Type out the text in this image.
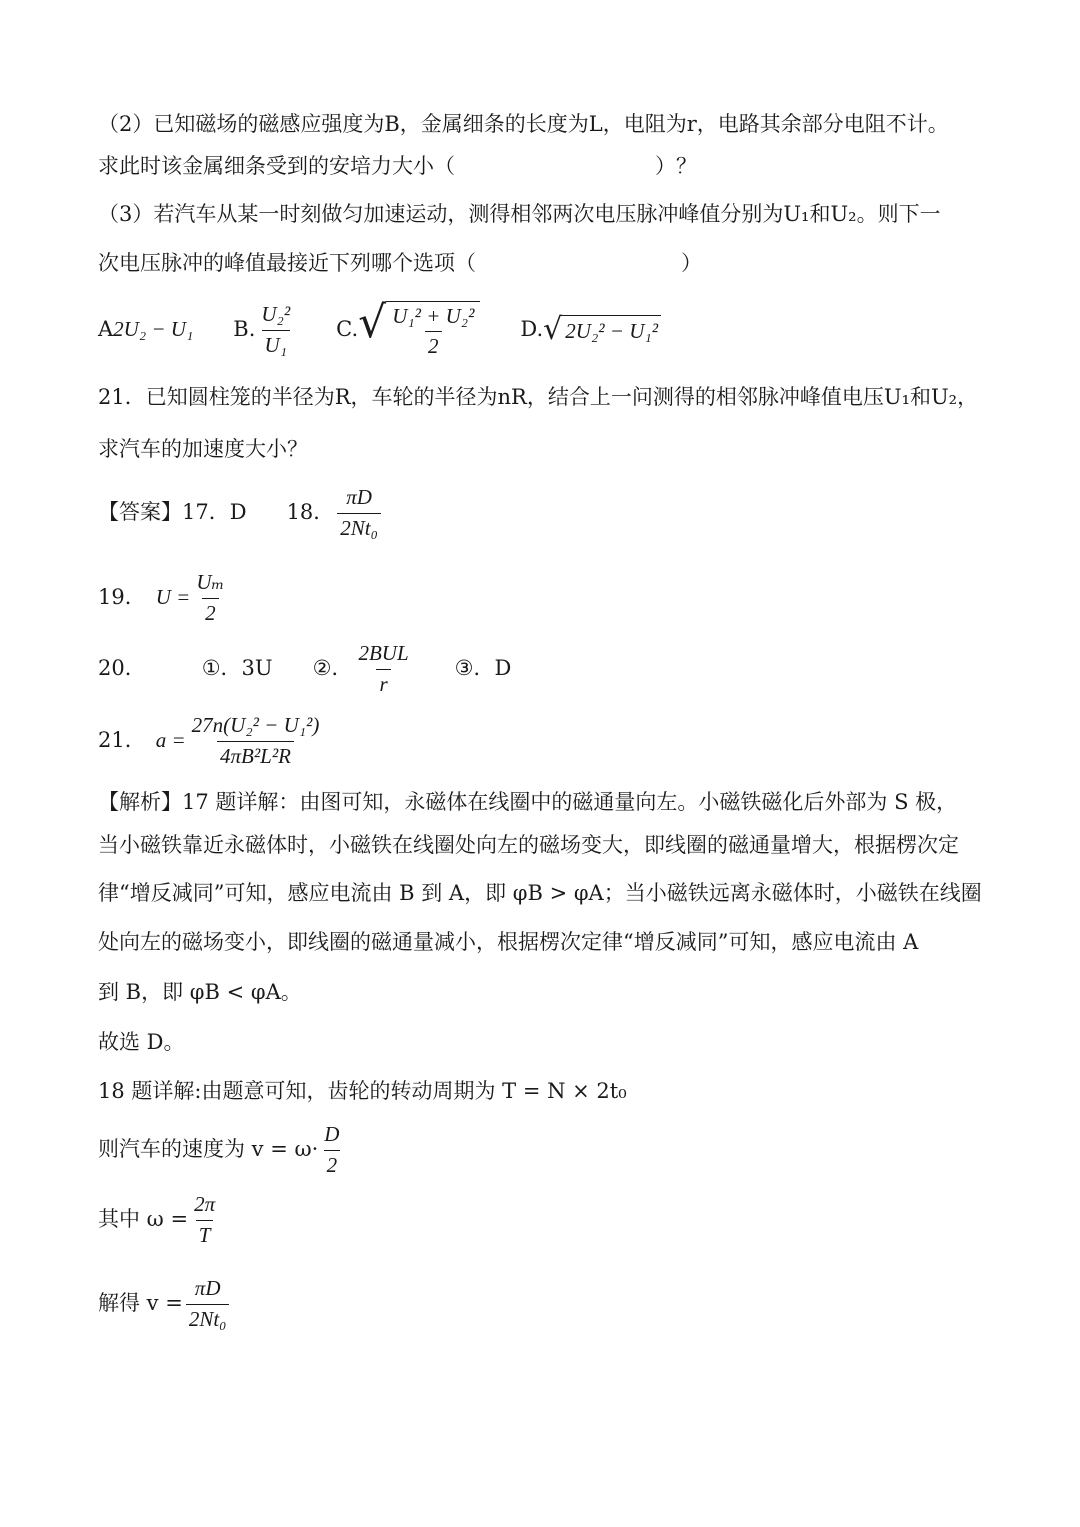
（2）已知磁场的磁感应强度为B，金属细条的长度为L，电阻为r，电路其余部分电阻不计。
求此时该金属细条受到的安培力大小（	）？
（3）若汽车从某一时刻做匀加速运动，测得相邻两次电压脉冲峰值分别为U₁和U₂。则下一
次电压脉冲的峰值最接近下列哪个选项（	）
A 2U₂ − U₁ B. $\frac{\text{U₂²}}{\text{U₁}} C$. √ $\frac{\text{U₁² + U₂²}}{2} D$. √ 2U₂² − U₁²
21．已知圆柱笼的半径为R，车轮的半径为nR，结合上一问测得的相邻脉冲峰值电压U₁和U₂，
求汽车的加速度大小？
【答案】17．D 18． $\frac{\pi D}{\text{2Nt₀}}$
19． $U = \frac{\text{Uₘ}}{2}$
20．	①．3U ②． $\frac{\text{2BUL}}{r}$ ③．D
21． $a = \frac{\text{27n(U₂² − U₁²)}}{\text{4πB²L²R}}$
【解析】17 题详解：由图可知，永磁体在线圈中的磁通量向左。小磁铁磁化后外部为 S 极，
当小磁铁靠近永磁体时，小磁铁在线圈处向左的磁场变大，即线圈的磁通量增大，根据楞次定
律“增反减同”可知，感应电流由 B 到 A，即 φB > φA；当小磁铁远离永磁体时，小磁铁在线圈
处向左的磁场变小，即线圈的磁通量减小，根据楞次定律“增反减同”可知，感应电流由 A
到 B，即 φB < φA。
故选 D。
18 题详解:由题意可知，齿轮的转动周期为 T = N × 2t₀
则汽车的速度为 $v = \omega\cdot \frac{D}{2}$
其中 $\omega = \frac{2\pi}{T}$
解得 $v = \frac{\pi D}{\text{2Nt₀}}$
